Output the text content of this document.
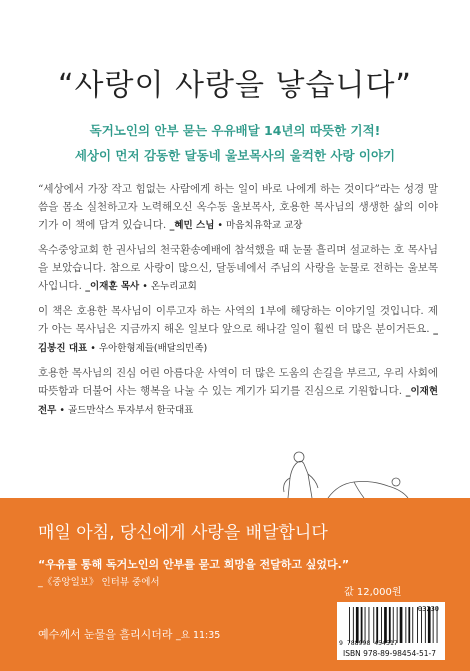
“사랑이 사랑을 낳습니다”
독거노인의 안부 묻는 우유배달 14년의 따뜻한 기적!
세상이 먼저 감동한 달동네 울보목사의 울컥한 사랑 이야기

“세상에서 가장 작고 힘없는 사람에게 하는 일이 바로 나에게 하는 것이다”라는 성경 말씀을 몸소 실천하고자 노력해오신 옥수동 울보목사, 호용한 목사님의 생생한 삶의 이야기가 이 책에 담겨 있습니다. _혜민 스님 • 마음치유학교 교장

옥수중앙교회 한 권사님의 천국환송예배에 참석했을 때 눈물 흘리며 설교하는 호 목사님을 보았습니다. 참으로 사랑이 많으신, 달동네에서 주님의 사랑을 눈물로 전하는 울보목사입니다. _이재훈 목사 • 온누리교회

이 책은 호용한 목사님이 이루고자 하는 사역의 1부에 해당하는 이야기일 것입니다. 제가 아는 목사님은 지금까지 해온 일보다 앞으로 해나갈 일이 훨씬 더 많은 분이거든요. _김봉진 대표 • 우아한형제들(배달의민족)

호용한 목사님의 진심 어린 아름다운 사역이 더 많은 도움의 손길을 부르고, 우리 사회에 따뜻함과 더불어 사는 행복을 나눌 수 있는 계기가 되기를 진심으로 기원합니다. _이재현 전무 • 골드만삭스 투자부서 한국대표

매일 아침, 당신에게 사랑을 배달합니다
“우유를 통해 독거노인의 안부를 묻고 희망을 전달하고 싶었다.”
_《중앙일보》 인터뷰 중에서
예수께서 눈물을 흘리시더라 _요 11:35
값 12,000원
03230
9 788998 454517
ISBN 978-89-98454-51-7
